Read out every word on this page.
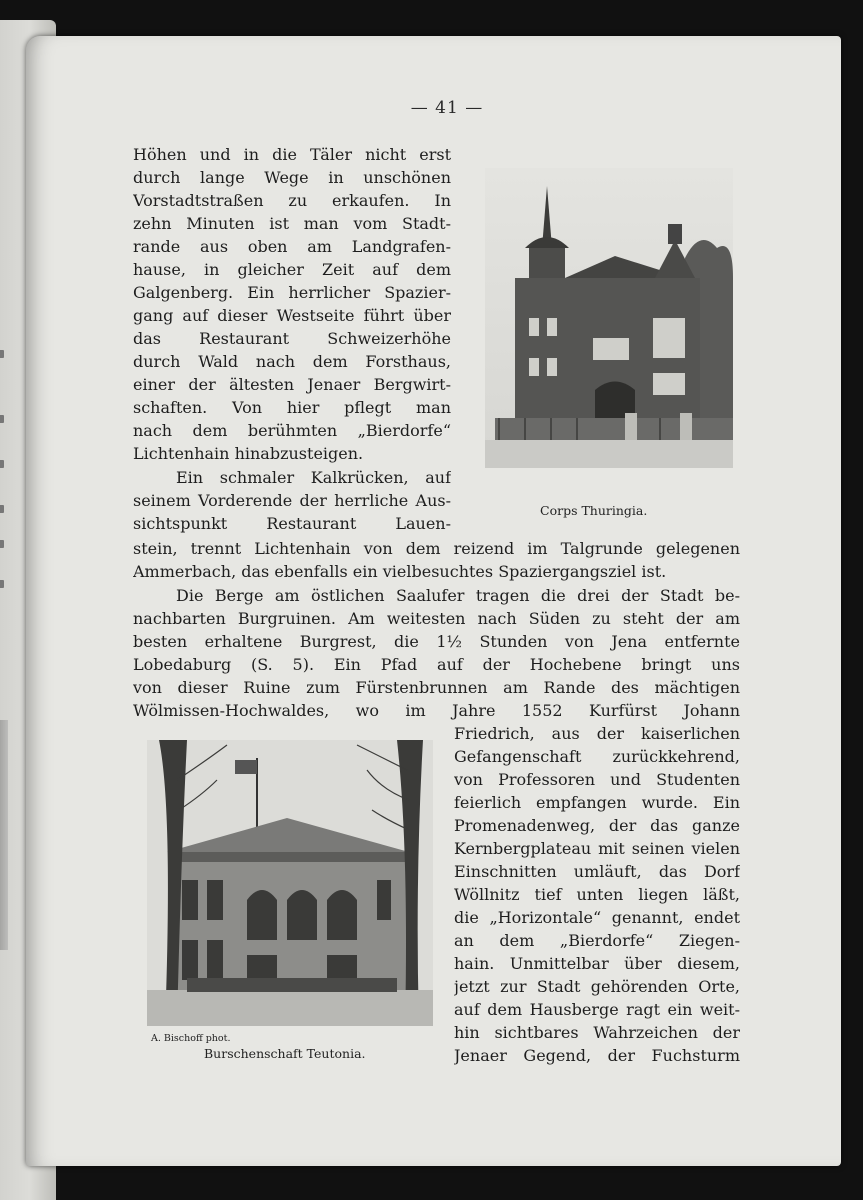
— 41 —
Corps Thuringia.
A. Bischoff phot.
Burschenschaft Teutonia.
Höhen und in die Täler nicht erst
durch lange Wege in unschönen
Vorstadtstraßen zu erkaufen. In
zehn Minuten ist man vom Stadt-
rande aus oben am Landgrafen-
hause, in gleicher Zeit auf dem
Galgenberg. Ein herrlicher Spazier-
gang auf dieser Westseite führt über
das Restaurant Schweizerhöhe
durch Wald nach dem Forsthaus,
einer der ältesten Jenaer Bergwirt-
schaften. Von hier pflegt man
nach dem berühmten „Bierdorfe“
Lichtenhain hinabzusteigen.
Ein schmaler Kalkrücken, auf
seinem Vorderende der herrliche Aus-
sichtspunkt Restaurant Lauen-
stein, trennt Lichtenhain von dem reizend im Talgrunde gelegenen
Ammerbach, das ebenfalls ein vielbesuchtes Spaziergangsziel ist.
Die Berge am östlichen Saalufer tragen die drei der Stadt be-
nachbarten Burgruinen. Am weitesten nach Süden zu steht der am
besten erhaltene Burgrest, die 1½ Stunden von Jena entfernte
Lobedaburg (S. 5). Ein Pfad auf der Hochebene bringt uns
von dieser Ruine zum Fürstenbrunnen am Rande des mächtigen
Wölmissen-Hochwaldes, wo im Jahre 1552 Kurfürst Johann
Friedrich, aus der kaiserlichen
Gefangenschaft zurückkehrend,
von Professoren und Studenten
feierlich empfangen wurde. Ein
Promenadenweg, der das ganze
Kernbergplateau mit seinen vielen
Einschnitten umläuft, das Dorf
Wöllnitz tief unten liegen läßt,
die „Horizontale“ genannt, endet
an dem „Bierdorfe“ Ziegen-
hain. Unmittelbar über diesem,
jetzt zur Stadt gehörenden Orte,
auf dem Hausberge ragt ein weit-
hin sichtbares Wahrzeichen der
Jenaer Gegend, der Fuchsturm
